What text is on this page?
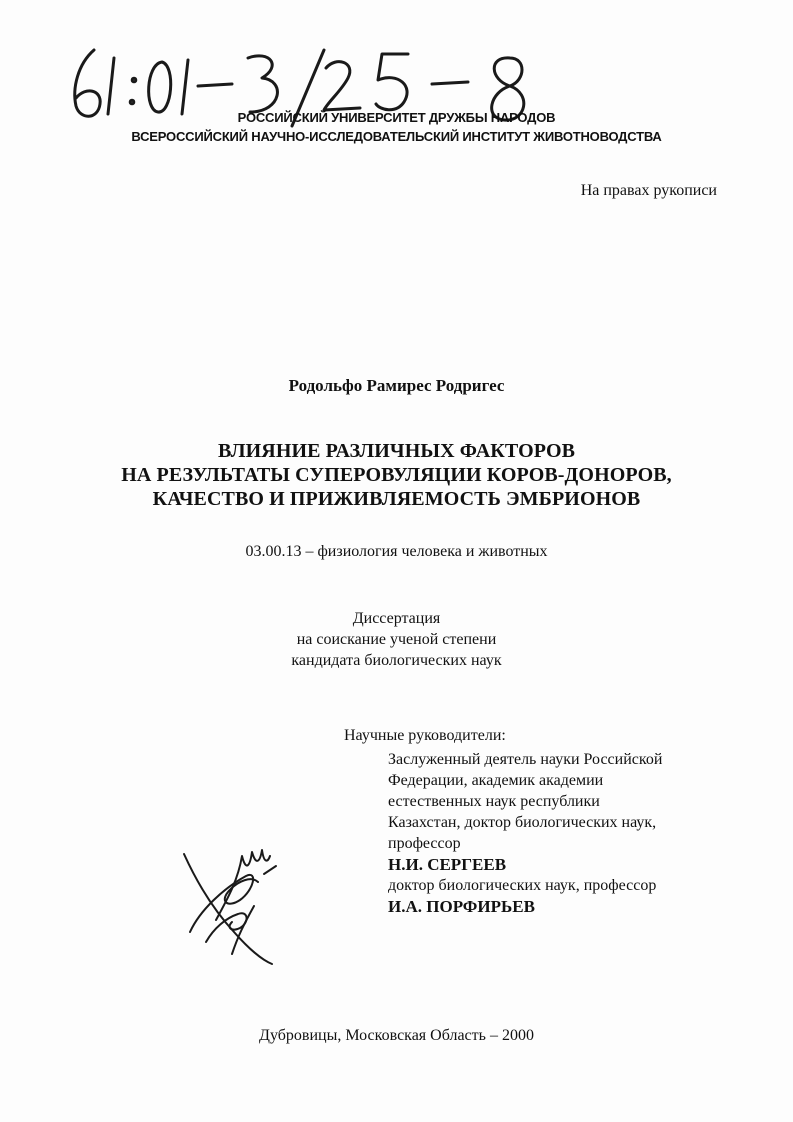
РОССИЙСКИЙ УНИВЕРСИТЕТ ДРУЖБЫ НАРОДОВ
ВСЕРОССИЙСКИЙ НАУЧНО-ИССЛЕДОВАТЕЛЬСКИЙ ИНСТИТУТ ЖИВОТНОВОДСТВА
На правах рукописи
Родольфо Рамирес Родригес
ВЛИЯНИЕ РАЗЛИЧНЫХ ФАКТОРОВ
НА РЕЗУЛЬТАТЫ СУПЕРОВУЛЯЦИИ КОРОВ-ДОНОРОВ,
КАЧЕСТВО И ПРИЖИВЛЯЕМОСТЬ ЭМБРИОНОВ
03.00.13 – физиология человека и животных
Диссертация
на соискание ученой степени
кандидата биологических наук
Научные руководители:
Заслуженный деятель науки Российской
Федерации, академик академии
естественных наук республики
Казахстан, доктор биологических наук,
профессор
Н.И. СЕРГЕЕВ
доктор биологических наук, профессор
И.А. ПОРФИРЬЕВ
Дубровицы, Московская Область – 2000
